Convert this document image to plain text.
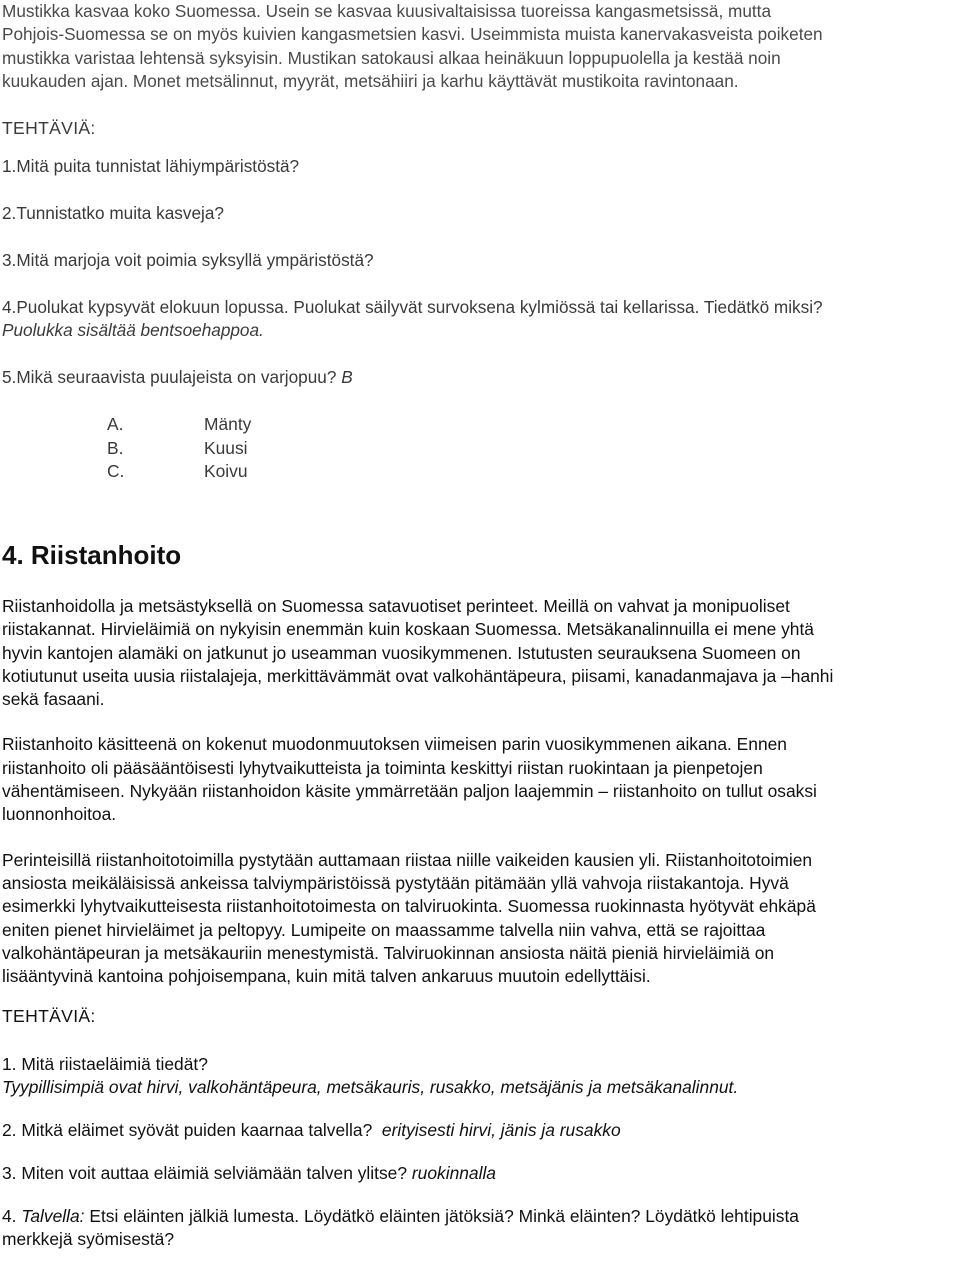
Mustikka kasvaa koko Suomessa. Usein se kasvaa kuusivaltaisissa tuoreissa kangasmetsissä, mutta

Pohjois-Suomessa se on myös kuivien kangasmetsien kasvi. Useimmista muista kanervakasveista poiketen

mustikka varistaa lehtensä syksyisin. Mustikan satokausi alkaa heinäkuun loppupuolella ja kestää noin

kuukauden ajan. Monet metsälinnut, myyrät, metsähiiri ja karhu käyttävät mustikoita ravintonaan.

TEHTÄVIÄ:

1.Mitä puita tunnistat lähiympäristöstä?

2.Tunnistatko muita kasveja?

3.Mitä marjoja voit poimia syksyllä ympäristöstä?

4.Puolukat kypsyvät elokuun lopussa. Puolukat säilyvät survoksena kylmiössä tai kellarissa. Tiedätkö miksi?

Puolukka sisältää bentsoehappoa.

5.Mikä seuraavista puulajeista on varjopuu? B

A.	Mänty
B.	Kuusi
C.	Koivu
4. Riistanhoito

Riistanhoidolla ja metsästyksellä on Suomessa satavuotiset perinteet. Meillä on vahvat ja monipuoliset
riistakannat. Hirvieläimiä on nykyisin enemmän kuin koskaan Suomessa. Metsäkanalinnuilla ei mene yhtä
hyvin kantojen alamäki on jatkunut jo useamman vuosikymmenen. Istutusten seurauksena Suomeen on
kotiutunut useita uusia riistalajeja, merkittävämmät ovat valkohäntäpeura, piisami, kanadanmajava ja –hanhi
sekä fasaani.

Riistanhoito käsitteenä on kokenut muodonmuutoksen viimeisen parin vuosikymmenen aikana. Ennen
riistanhoito oli pääsääntöisesti lyhytvaikutteista ja toiminta keskittyi riistan ruokintaan ja pienpetojen
vähentämiseen. Nykyään riistanhoidon käsite ymmärretään paljon laajemmin – riistanhoito on tullut osaksi
luonnonhoitoa.

Perinteisillä riistanhoitotoimilla pystytään auttamaan riistaa niille vaikeiden kausien yli. Riistanhoitotoimien
ansiosta meikäläisissä ankeissa talviympäristöissä pystytään pitämään yllä vahvoja riistakantoja. Hyvä
esimerkki lyhytvaikutteisesta riistanhoitotoimesta on talviruokinta. Suomessa ruokinnasta hyötyvät ehkäpä
eniten pienet hirvieläimet ja peltopyy. Lumipeite on maassamme talvella niin vahva, että se rajoittaa
valkohäntäpeuran ja metsäkauriin menestymistä. Talviruokinnan ansiosta näitä pieniä hirvieläimiä on
lisääntyvinä kantoina pohjoisempana, kuin mitä talven ankaruus muutoin edellyttäisi.

TEHTÄVIÄ:

1. Mitä riistaeläimiä tiedät?
Tyypillisimpiä ovat hirvi, valkohäntäpeura, metsäkauris, rusakko, metsäjänis ja metsäkanalinnut.

2. Mitkä eläimet syövät puiden kaarnaa talvella? erityisesti hirvi, jänis ja rusakko

3. Miten voit auttaa eläimiä selviämään talven ylitse? ruokinnalla

4. Talvella: Etsi eläinten jälkiä lumesta. Löydätkö eläinten jätöksiä? Minkä eläinten? Löydätkö lehtipuista
merkkejä syömisestä?
